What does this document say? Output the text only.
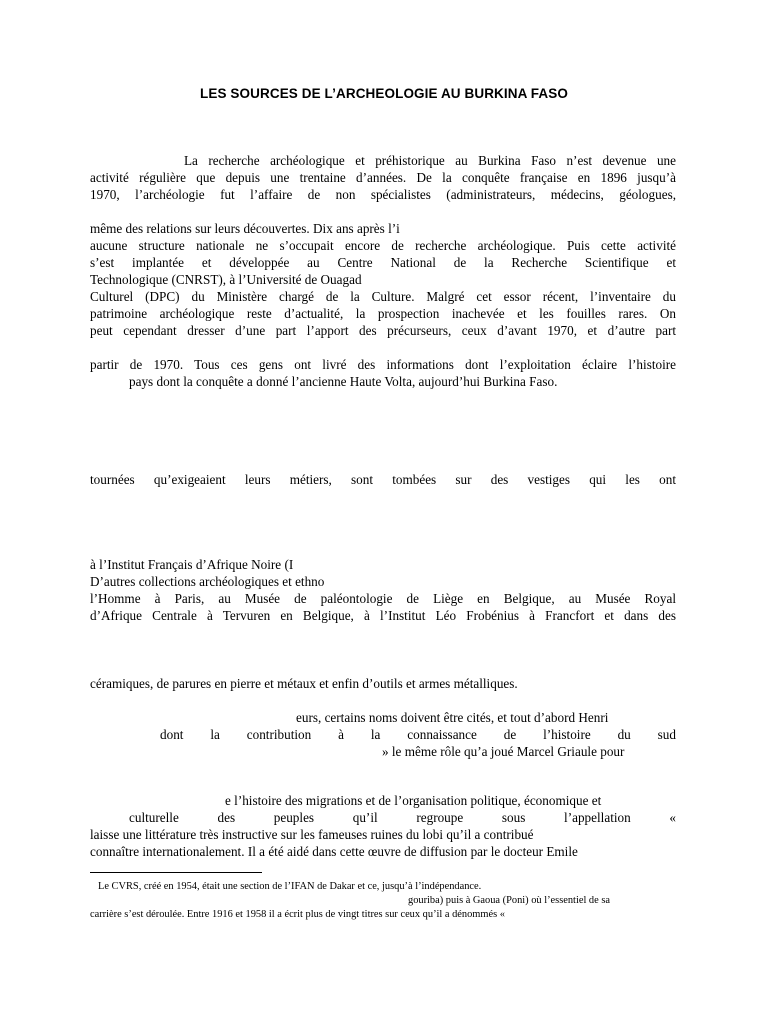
LES SOURCES DE L’ARCHEOLOGIE AU BURKINA FASO
La recherche archéologique et préhistorique au Burkina Faso n’est devenue une
activité régulière que depuis une trentaine d’années. De la conquête française en 1896 jusqu’à
1970, l’archéologie fut l’affaire de non spécialistes (administrateurs, médecins, géologues,
même des relations sur leurs découvertes. Dix ans après l’i
aucune structure nationale ne s’occupait encore de recherche archéologique. Puis cette activité
s’est implantée et développée au Centre National de la Recherche Scientifique et
Technologique (CNRST), à l’Université de Ouagad
Culturel (DPC) du Ministère chargé de la Culture. Malgré cet essor récent, l’inventaire du
patrimoine archéologique reste d’actualité, la prospection inachevée et les fouilles rares. On
peut cependant dresser d’une part l’apport des précurseurs, ceux d’avant 1970, et d’autre part
partir de 1970. Tous ces gens ont livré des informations dont l’exploitation éclaire l’histoire
pays dont la conquête a donné l’ancienne Haute Volta, aujourd’hui Burkina Faso.
tournées qu’exigeaient leurs métiers, sont tombées sur des vestiges qui les ont
à l’Institut Français d’Afrique Noire (I
D’autres collections archéologiques et ethno
l’Homme à Paris, au Musée de paléontologie de Liège en Belgique, au Musée Royal
d’Afrique Centrale à Tervuren en Belgique, à l’Institut Léo Frobénius à Francfort et dans des
céramiques, de parures en pierre et métaux et enfin d’outils et armes métalliques.
eurs, certains noms doivent être cités, et tout d’abord Henri
dont la contribution à la connaissance de l’histoire du sud
» le même rôle qu’a joué Marcel Griaule pour
e l’histoire des migrations et de l’organisation politique, économique et
culturelle des peuples qu’il regroupe sous l’appellation «
laisse une littérature très instructive sur les fameuses ruines du lobi qu’il a contribué
connaître internationalement. Il a été aidé dans cette œuvre de diffusion par le docteur Emile
Le CVRS, créé en 1954, était une section de l’IFAN de Dakar et ce, jusqu’à l’indépendance.
gouriba) puis à Gaoua (Poni) où l’essentiel de sa
carrière s’est déroulée. Entre 1916 et 1958 il a écrit plus de vingt titres sur ceux qu’il a dénommés «
